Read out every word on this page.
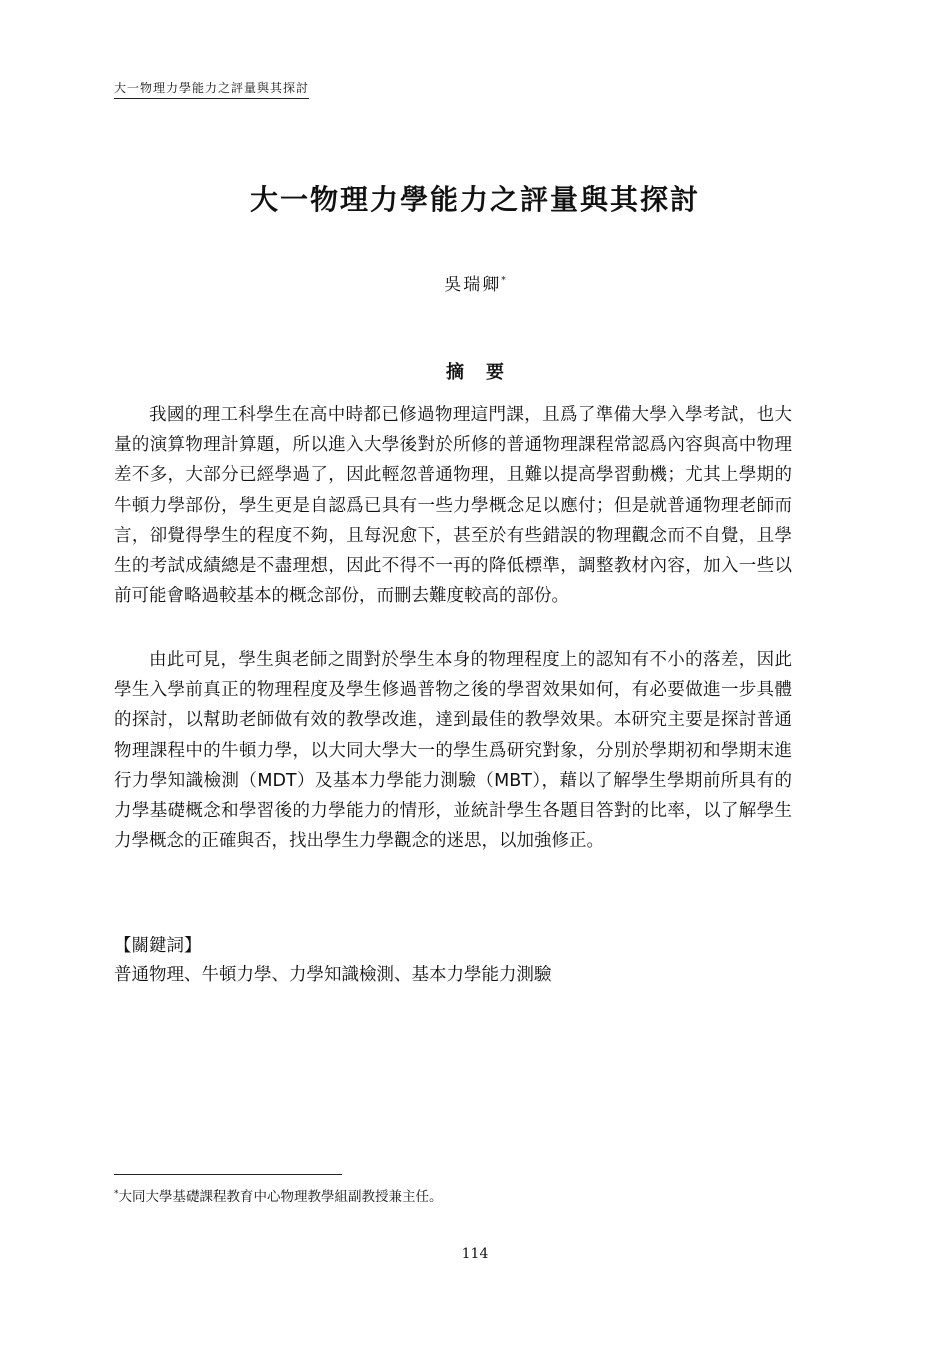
大一物理力學能力之評量與其探討
大一物理力學能力之評量與其探討
吳瑞卿*
摘要

我國的理工科學生在高中時都已修過物理這門課，且爲了準備大學入學考試，也大量的演算物理計算題，所以進入大學後對於所修的普通物理課程常認爲內容與高中物理差不多，大部分已經學過了，因此輕忽普通物理，且難以提高學習動機；尤其上學期的牛頓力學部份，學生更是自認爲已具有一些力學概念足以應付；但是就普通物理老師而言，卻覺得學生的程度不夠，且每況愈下，甚至於有些錯誤的物理觀念而不自覺，且學生的考試成績總是不盡理想，因此不得不一再的降低標準，調整教材內容，加入一些以前可能會略過較基本的概念部份，而刪去難度較高的部份。

由此可見，學生與老師之間對於學生本身的物理程度上的認知有不小的落差，因此學生入學前真正的物理程度及學生修過普物之後的學習效果如何，有必要做進一步具體的探討，以幫助老師做有效的教學改進，達到最佳的教學效果。本研究主要是探討普通物理課程中的牛頓力學，以大同大學大一的學生爲研究對象，分別於學期初和學期末進行力學知識檢測（MDT）及基本力學能力測驗（MBT），藉以了解學生學期前所具有的力學基礎概念和學習後的力學能力的情形，並統計學生各題目答對的比率，以了解學生力學概念的正確與否，找出學生力學觀念的迷思，以加強修正。

【關鍵詞】
普通物理、牛頓力學、力學知識檢測、基本力學能力測驗
*大同大學基礎課程教育中心物理教學組副教授兼主任。
114
